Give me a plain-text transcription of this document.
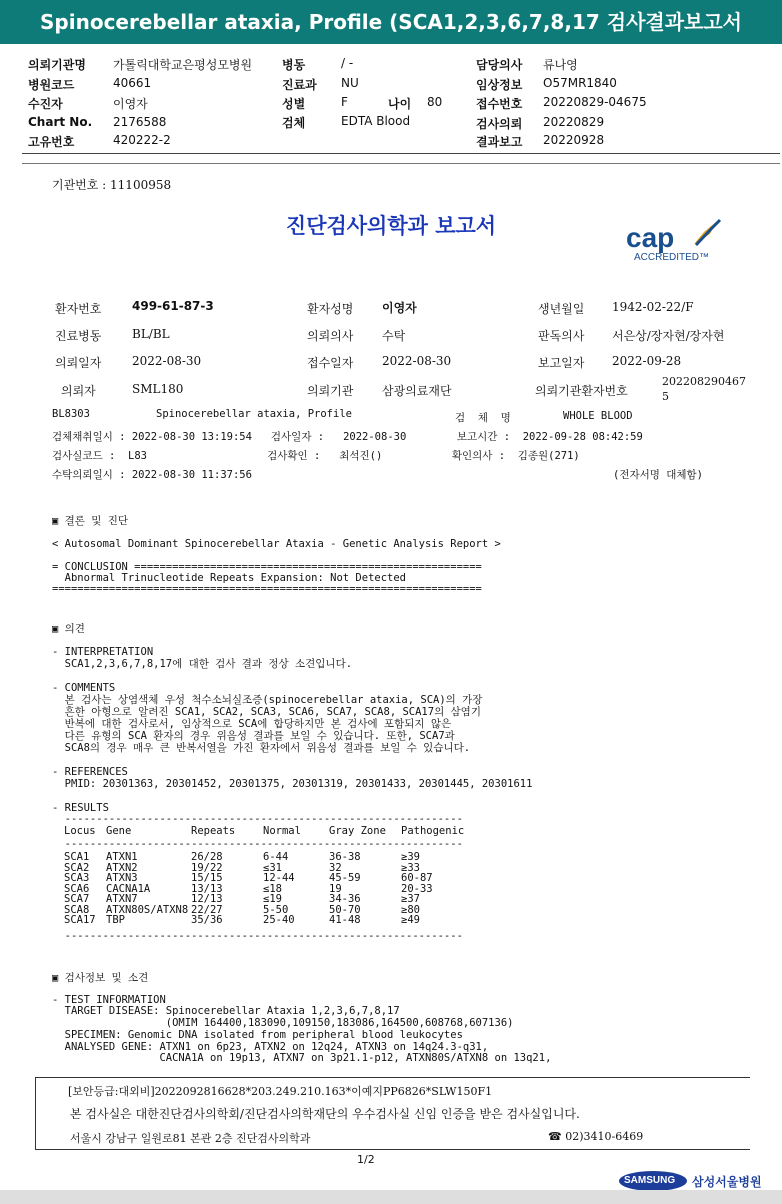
Spinocerebellar ataxia, Profile (SCA1,2,3,6,7,8,17 검사결과보고서
의뢰기관명 가톨릭대학교은평성모병원 병동	/ -	담당의사 류나영
병원코드	40661	진료과 NU	임상정보 O57MR1840
수진자	이영자	성별	F	나이 80	접수번호 20220829-04675
Chart No. 2176588	검체	EDTA Blood	검사의뢰 20220829
고유번호	420222-2	결과보고 20220928
기관번호 : 11100958
진단검사의학과 보고서	cap
ACCREDITED™
환자번호	499-61-87-3	환자성명 이영자	생년월일 1942-02-22/F
진료병동	BL/BL	의뢰의사 수탁	판독의사 서은상/장자현/장자현
의뢰일자	2022-08-30	접수일자 2022-08-30	보고일자 2022-09-28
의뢰자	SML180	의뢰기관 삼광의료재단	의뢰기관환자번호
202208290467
5
BL8303	Spinocerebellar ataxia, Profile	검  체  명	WHOLE BLOOD
검체채취일시 : 2022-08-30 13:19:54   검사일자 :   2022-08-30        보고시간 :  2022-09-28 08:42:59
검사실코드 :  L83                   검사확인 :   최석진()           확인의사 :  김종원(271)
수탁의뢰일시 : 2022-08-30 11:37:56	(전자서명 대체함)
▣ 결론 및 진단
< Autosomal Dominant Spinocerebellar Ataxia - Genetic Analysis Report >
= CONCLUSION =======================================================
Abnormal Trinucleotide Repeats Expansion: Not Detected
====================================================================
▣ 의견
- INTERPRETATION
SCA1,2,3,6,7,8,17에 대한 검사 결과 정상 소견입니다.
- COMMENTS
본 검사는 상염색체 우성 척수소뇌실조증(spinocerebellar ataxia, SCA)의 가장
흔한 아형으로 알려진 SCA1, SCA2, SCA3, SCA6, SCA7, SCA8, SCA17의 삼염기
반복에 대한 검사로서, 임상적으로 SCA에 합당하지만 본 검사에 포함되지 않은
다른 유형의 SCA 환자의 경우 위음성 결과를 보일 수 있습니다. 또한, SCA7과
SCA8의 경우 매우 큰 반복서열을 가진 환자에서 위음성 결과를 보일 수 있습니다.
- REFERENCES
PMID: 20301363, 20301452, 20301375, 20301319, 20301433, 20301445, 20301611
- RESULTS
---------------------------------------------------------------
Locus	Gene	Repeats	Normal	Gray Zone	Pathogenic
---------------------------------------------------------------
SCA1	ATXN1	26/28	6-44	36-38	≥39
SCA2	ATXN2	19/22	≤31	32	≥33
SCA3	ATXN3	15/15	12-44	45-59	60-87
SCA6	CACNA1A	13/13	≤18	19	20-33
SCA7	ATXN7	12/13	≤19	34-36	≥37
SCA8	ATXN80S/ATXN8	22/27	5-50	50-70	≥80
SCA17	TBP	35/36	25-40	41-48	≥49
---------------------------------------------------------------
▣ 검사정보 및 소견
- TEST INFORMATION
TARGET DISEASE: Spinocerebellar Ataxia 1,2,3,6,7,8,17
(OMIM 164400,183090,109150,183086,164500,608768,607136)
SPECIMEN: Genomic DNA isolated from peripheral blood leukocytes
ANALYSED GENE: ATXN1 on 6p23, ATXN2 on 12q24, ATXN3 on 14q24.3-q31,
CACNA1A on 19p13, ATXN7 on 3p21.1-p12, ATXN80S/ATXN8 on 13q21,
[보안등급:대외비]2022092816628*203.249.210.163*이예지PP6826*SLW150F1
본 검사실은 대한진단검사의학회/진단검사의학재단의 우수검사실 신임 인증을 받은 검사실입니다.
서울시 강남구 일원로81 본관 2층 진단검사의학과	☎ 02)3410-6469
1/2
SAMSUNG 삼성서울병원
